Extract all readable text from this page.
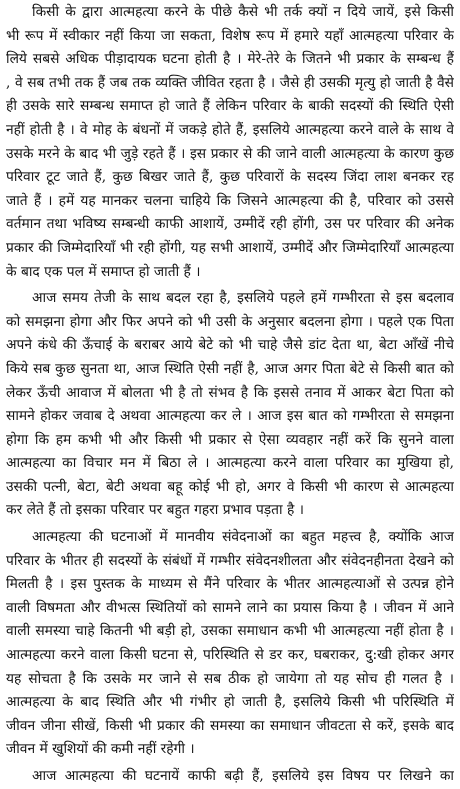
किसी के द्वारा आत्महत्या करने के पीछे कैसे भी तर्क क्यों न दिये जायें, इसे किसी
भी रूप में स्वीकार नहीं किया जा सकता, विशेष रूप में हमारे यहाँ आत्महत्या परिवार के
लिये सबसे अधिक पीड़ादायक घटना होती है । मेरे-तेरे के जितने भी प्रकार के सम्बन्ध हैं
, वे सब तभी तक हैं जब तक व्यक्ति जीवित रहता है । जैसे ही उसकी मृत्यु हो जाती है वैसे
ही उसके सारे सम्बन्ध समाप्त हो जाते हैं लेकिन परिवार के बाकी सदस्यों की स्थिति ऐसी
नहीं होती है । वे मोह के बंधनों में जकड़े होते हैं, इसलिये आत्महत्या करने वाले के साथ वे
उसके मरने के बाद भी जुड़े रहते हैं । इस प्रकार से की जाने वाली आत्महत्या के कारण कुछ
परिवार टूट जाते हैं, कुछ बिखर जाते हैं, कुछ परिवारों के सदस्य जिंदा लाश बनकर रह
जाते हैं । हमें यह मानकर चलना चाहिये कि जिसने आत्महत्या की है, परिवार को उससे
वर्तमान तथा भविष्य सम्बन्धी काफी आशायें, उम्मीदें रही होंगी, उस पर परिवार की अनेक
प्रकार की जिम्मेदारियाँ भी रही होंगी, यह सभी आशायें, उम्मीदें और जिम्मेदारियाँ आत्महत्या
के बाद एक पल में समाप्त हो जाती हैं ।
आज समय तेजी के साथ बदल रहा है, इसलिये पहले हमें गम्भीरता से इस बदलाव
को समझना होगा और फिर अपने को भी उसी के अनुसार बदलना होगा । पहले एक पिता
अपने कंधे की ऊँचाई के बराबर आये बेटे को भी चाहे जैसे डांट देता था, बेटा आँखें नीचे
किये सब कुछ सुनता था, आज स्थिति ऐसी नहीं है, आज अगर पिता बेटे से किसी बात को
लेकर ऊँची आवाज में बोलता भी है तो संभव है कि इससे तनाव में आकर बेटा पिता को
सामने होकर जवाब दे अथवा आत्महत्या कर ले । आज इस बात को गम्भीरता से समझना
होगा कि हम कभी भी और किसी भी प्रकार से ऐसा व्यवहार नहीं करें कि सुनने वाला
आत्महत्या का विचार मन में बिठा ले । आत्महत्या करने वाला परिवार का मुखिया हो,
उसकी पत्नी, बेटा, बेटी अथवा बहू कोई भी हो, अगर वे किसी भी कारण से आत्महत्या
कर लेते हैं तो इसका परिवार पर बहुत गहरा प्रभाव पड़ता है ।
आत्महत्या की घटनाओं में मानवीय संवेदनाओं का बहुत महत्त्व है, क्योंकि आज
परिवार के भीतर ही सदस्यों के संबंधों में गम्भीर संवेदनशीलता और संवेदनहीनता देखने को
मिलती है । इस पुस्तक के माध्यम से मैंने परिवार के भीतर आत्महत्याओं से उत्पन्न होने
वाली विषमता और वीभत्स स्थितियों को सामने लाने का प्रयास किया है । जीवन में आने
वाली समस्या चाहे कितनी भी बड़ी हो, उसका समाधान कभी भी आत्महत्या नहीं होता है ।
आत्महत्या करने वाला किसी घटना से, परिस्थिति से डर कर, घबराकर, दु:खी होकर अगर
यह सोचता है कि उसके मर जाने से सब ठीक हो जायेगा तो यह सोच ही गलत है ।
आत्महत्या के बाद स्थिति और भी गंभीर हो जाती है, इसलिये किसी भी परिस्थिति में
जीवन जीना सीखें, किसी भी प्रकार की समस्या का समाधान जीवटता से करें, इसके बाद
जीवन में खुशियों की कमी नहीं रहेगी ।
आज आत्महत्या की घटनायें काफी बढ़ी हैं, इसलिये इस विषय पर लिखने का
